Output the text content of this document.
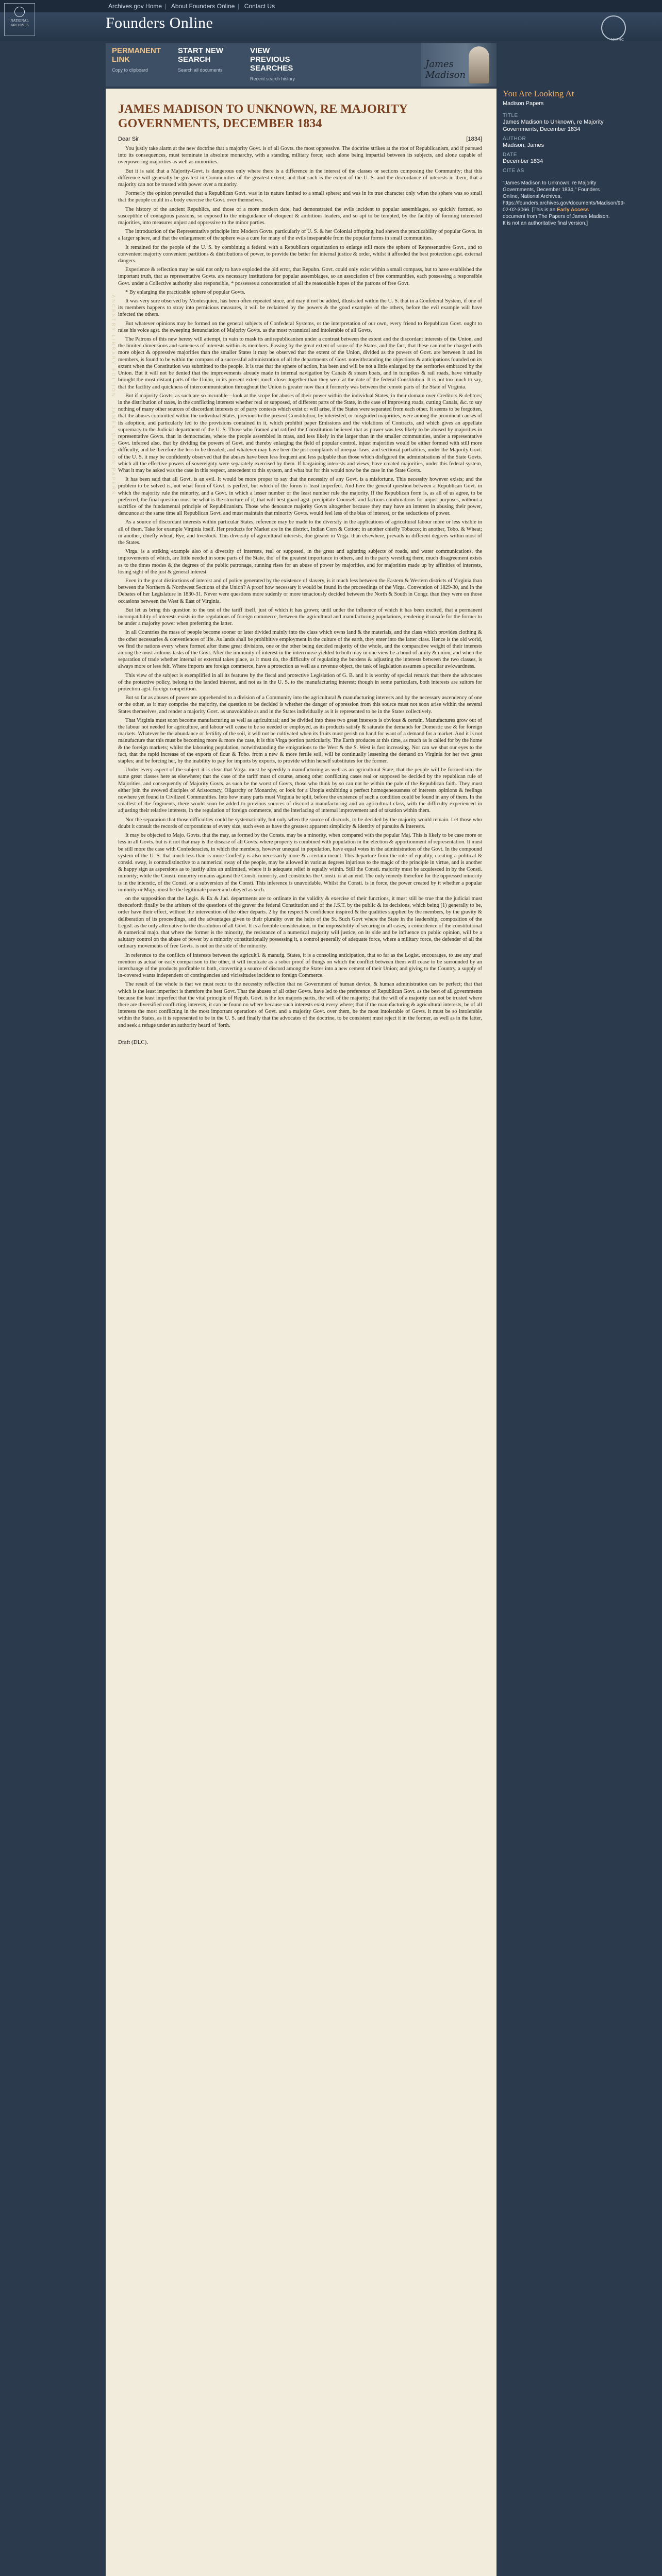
Archives.gov Home | About Founders Online | Contact Us
Founders Online
NHPRC
NATIONAL ARCHIVES
PERMANENT LINK
Copy to clipboard
START NEW SEARCH
Search all documents
VIEW PREVIOUS SEARCHES
Recent search history
James Madison
ANCESTRY LIBRARY EDITION · JAMES MADISON PAPERS
JAMES MADISON TO UNKNOWN, RE MAJORITY GOVERNMENTS, DECEMBER 1834
Dear Sir	[1834]

You justly take alarm at the new doctrine that a majority Govt. is of all Govts. the most oppressive. The doctrine strikes at the root of Republicanism, and if pursued into its consequences, must terminate in absolute monarchy, with a standing military force; such alone being impartial between its subjects, and alone capable of overpowering majorities as well as minorities.

But it is said that a Majority-Govt. is dangerous only where there is a difference in the interest of the classes or sections composing the Community; that this difference will generally be greatest in Communities of the greatest extent; and that such is the extent of the U. S. and the discordance of interests in them, that a majority can not be trusted with power over a minority.

Formerly the opinion prevailed that a Republican Govt. was in its nature limited to a small sphere; and was in its true character only when the sphere was so small that the people could in a body exercise the Govt. over themselves.

The history of the ancient Republics, and those of a more modern date, had demonstrated the evils incident to popular assemblages, so quickly formed, so susceptible of contagious passions, so exposed to the misguidance of eloquent & ambitious leaders, and so apt to be tempted, by the facility of forming interested majorities, into measures unjust and oppressive to the minor parties.

The introduction of the Representative principle into Modern Govts. particularly of U. S. & her Colonial offspring, had shewn the practicability of popular Govts. in a larger sphere, and that the enlargement of the sphere was a cure for many of the evils inseparable from the popular forms in small communities.

It remained for the people of the U. S. by combining a federal with a Republican organization to enlarge still more the sphere of Representative Govt., and to convenient majority convenient partitions & distributions of power, to provide the better for internal justice & order, whilst it afforded the best protection agst. external dangers.

Experience & reflection may be said not only to have exploded the old error, that Repubn. Govt. could only exist within a small compass, but to have established the important truth, that as representative Govts. are necessary institutions for popular assemblages, so an association of free communities, each possessing a responsible Govt. under a Collective authority also responsible, * possesses a concentration of all the reasonable hopes of the patrons of free Govt.

* By enlarging the practicable sphere of popular Govts.

It was very sure observed by Montesquieu, has been often repeated since, and may it not be added, illustrated within the U. S. that in a Confederal System, if one of its members happens to stray into pernicious measures, it will be reclaimed by the powers & the good examples of the others, before the evil example will have infected the others.

But whatever opinions may be formed on the general subjects of Confederal Systems, or the interpretation of our own, every friend to Republican Govt. ought to raise his voice agst. the sweeping denunciation of Majority Govts. as the most tyrannical and intolerable of all Govts.

The Patrons of this new heresy will attempt, in vain to mask its antirepublicanism under a contrast between the extent and the discordant interests of the Union, and the limited dimensions and sameness of interests within its members. Passing by the great extent of some of the States, and the fact, that these can not be charged with more object & oppressive majorities than the smaller States it may be observed that the extent of the Union, divided as the powers of Govt. are between it and its members, is found to be within the compass of a successful administration of all the departments of Govt. notwithstanding the objections & anticipations founded on its extent when the Constitution was submitted to the people. It is true that the sphere of action, has been and will be not a little enlarged by the territories embraced by the Union. But it will not be denied that the improvements already made in internal navigation by Canals & steam boats, and in turnpikes & rail roads, have virtually brought the most distant parts of the Union, in its present extent much closer together than they were at the date of the federal Constitution. It is not too much to say, that the facility and quickness of intercommunication throughout the Union is greater now than it formerly was between the remote parts of the State of Virginia.

But if majority Govts. as such are so incurable—look at the scope for abuses of their power within the individual States, in their domain over Creditors & debtors; in the distribution of taxes, in the conflicting interests whether real or supposed, of different parts of the State, in the case of improving roads, cutting Canals, &c. to say nothing of many other sources of discordant interests or of party contests which exist or will arise, if the States were separated from each other. It seems to be forgotten, that the abuses committed within the individual States, previous to the present Constitution, by interested, or misguided majorities, were among the prominent causes of its adoption, and particularly led to the provisions contained in it, which prohibit paper Emissions and the violations of Contracts, and which gives an appellate supremacy to the Judicial department of the U. S. Those who framed and ratified the Constitution believed that as power was less likely to be abused by majorities in representative Govts. than in democracies, where the people assembled in mass, and less likely in the larger than in the smaller communities, under a representative Govt. inferred also, that by dividing the powers of Govt. and thereby enlarging the field of popular control, injust majorities would be either formed with still more difficulty, and be therefore the less to be dreaded; and whatever may have been the just complaints of unequal laws, and sectional partialities, under the Majority Govt. of the U. S. it may be confidently observed that the abuses have been less frequent and less palpable than those which disfigured the administrations of the State Govts. which all the effective powers of sovereignty were separately exercised by them. If bargaining interests and views, have created majorities, under this federal system, What it may be asked was the case in this respect, antecedent to this system, and what but for this would now be the case in the State Govts.

It has been said that all Govt. is an evil. It would be more proper to say that the necessity of any Govt. is a misfortune. This necessity however exists; and the problem to be solved is, not what form of Govt. is perfect, but which of the forms is least imperfect. And here the general question between a Republican Govt. in which the majority rule the minority, and a Govt. in which a lesser number or the least number rule the majority. If the Republican form is, as all of us agree, to be preferred, the final question must be what is the structure of it, that will best guard agst. precipitate Counsels and factious combinations for unjust purposes, without a sacrifice of the fundamental principle of Republicanism. Those who denounce majority Govts altogether because they may have an interest in abusing their power, denounce at the same time all Republican Govt. and must maintain that minority Govts. would feel less of the bias of interest, or the seductions of power.

As a source of discordant interests within particular States, reference may be made to the diversity in the applications of agricultural labour more or less visible in all of them. Take for example Virginia itself. Her products for Market are in the district, Indian Corn & Cotton; in another chiefly Tobacco; in another, Tobo. & Wheat; in another, chiefly wheat, Rye, and livestock. This diversity of agricultural interests, due greater in Virga. than elsewhere, prevails in different degrees within most of the States.

Virga. is a striking example also of a diversity of interests, real or supposed, in the great and agitating subjects of roads, and water communications, the improvements of which, are little needed in some parts of the State, tho' of the greatest importance in others, and in the party wrestling there, much disagreement exists as to the times modes & the degrees of the public patronage, running rises for an abuse of power by majorities, and for majorities made up by affinities of interests, losing sight of the just & general interest.

Even in the great distinctions of interest and of policy generated by the existence of slavery, is it much less between the Eastern & Western districts of Virginia than between the Northern & Northwest Sections of the Union? A proof how necessary it would be found in the proceedings of the Virga. Convention of 1829-30, and in the Debates of her Legislature in 1830-31. Never were questions more sudenly or more tenaciously decided between the North & South in Congr. than they were on those occasions between the West & East of Virginia.

But let us bring this question to the test of the tariff itself, just of which it has grown; until under the influence of which it has been excited, that a permanent incompatibility of interests exists in the regulations of foreign commerce, between the agricultural and manufacturing populations, rendering it unsafe for the former to be under a majority power when preferring the latter.

In all Countries the mass of people become sooner or later divided mainly into the class which owns land & the materials, and the class which provides clothing & the other necessaries & conveniences of life. As lands shall be prohibitive employment in the culture of the earth, they enter into the latter class. Hence is the old world, we find the nations every where formed after these great divisions, one or the other being decided majority of the whole, and the comparative weight of their interests among the most arduous tasks of the Govt. After the immunity of interest in the intercourse yielded to both may in one view be a bond of amity & union, and when the separation of trade whether internal or external takes place, as it must do, the difficulty of regulating the burdens & adjusting the interests between the two classes, is always more or less felt. Where imports are foreign commerce, have a protection as well as a revenue object, the task of legislation assumes a peculiar awkwardness.

This view of the subject is exemplified in all its features by the fiscal and protective Legislation of G. B. and it is worthy of special remark that there the advocates of the protective policy, belong to the landed interest, and not as in the U. S. to the manufacturing interest; though in some particulars, both interests are suitors for protection agst. foreign competition.

But so far as abuses of power are apprehended to a division of a Community into the agricultural & manufacturing interests and by the necessary ascendency of one or the other, as it may comprise the majority, the question to be decided is whether the danger of oppression from this source must not soon arise within the several States themselves, and render a majority Govt. as unavoidable as and in the States individually as it is represented to be in the States collectively.

That Virginia must soon become manufacturing as well as agricultural; and be divided into these two great interests is obvious & certain. Manufactures grow out of the labour not needed for agriculture, and labour will cease to be so needed or employed, as its products satisfy & saturate the demands for Domestic use & for foreign markets. Whatever be the abundance or fertility of the soil, it will not be cultivated when its fruits must perish on hand for want of a demand for a market. And it is not manufacture that this must be becoming more & more the case, it is this Virga portion particularly. The Earth produces at this time, as much as is called for by the home & the foreign markets; whilst the labouring population, notwithstanding the emigrations to the West & the S. West is fast increasing. Nor can we shut our eyes to the fact, that the rapid increase of the exports of flour & Tobo. from a new & more fertile soil, will be continually lessening the demand on Virginia for her two great staples; and be forcing her, by the inability to pay for imports by exports, to provide within herself substitutes for the former.

Under every aspect of the subject it is clear that Virga. must be speedily a manufacturing as well as an agricultural State; that the people will be formed into the same great classes here as elsewhere; that the case of the tariff must of course, among other conflicting cases real or supposed be decided by the republican rule of Majorities, and consequently of Majority Govts. as such be the worst of Govts, those who think by so can not be within the pale of the Republican faith. They must either join the avowed disciples of Aristocracy, Oligarchy or Monarchy, or look for a Utopia exhibiting a perfect homogeneousness of interests opinions & feelings nowhere yet found in Civilized Communities. Into how many parts must Virginia be split, before the existence of such a condition could be found in any of them. In the smallest of the fragments, there would soon be added to previous sources of discord a manufacturing and an agricultural class, with the difficulty experienced in adjusting their relative interests, in the regulation of foreign commerce, and the interlacing of internal improvement and of taxation within them.

Nor the separation that those difficulties could be systematically, but only when the source of discords, to be decided by the majority would remain. Let those who doubt it consult the records of corporations of every size, such even as have the greatest apparent simplicity & identity of pursuits & interests.

It may be objected to Majo. Govts. that the may, as formed by the Consts. may be a minority, when compared with the popular Maj. This is likely to be case more or less in all Govts. but is it not that may is the disease of all Govts. where property is combined with population in the election & apportionment of representation. It must be still more the case with Confederacies, in which the members, however unequal in population, have equal votes in the administration of the Govt. In the compound system of the U. S. that much less than is more Confed'y is also necessarily more & a certain meant. This departure from the rule of equality, creating a political & consid. sway, is contradistinctive to a numerical sway of the people, may be allowed in various degrees injurious to the magic of the principle in virtue, and is another & happy sign as aspersions as to justify ultra an unlimited, where it is adequate relief is equally within. Still the Consti. majority must be acquiesced in by the Consti. minority; while the Consti. minority remains against the Consti. minority, and constitutes the Consti. is at an end. The only remedy therefore for the oppressed minority is in the interstic, of the Consti. or a subversion of the Consti. This inference is unavoidable. Whilst the Consti. is in force, the power created by it whether a popular minority or Majy. must be the legitimate power and obeyed as such.

on the supposition that the Legis. & Ex & Jud. departments are to ordinate in the validity & exercise of their functions, it must still be true that the judicial must thenceforth finally be the arbiters of the questions of the graver the federal Constitution and of the J.S.T. by the public & its decisions, which being (1) generally to be, order have their effect, without the intervention of the other departs. 2 by the respect & confidence inspired & the qualities supplied by the members, by the gravity & deliberation of its proceedings, and the advantages given to their plurality over the heirs of the St. Such Govt where the State in the leadership, composition of the Legisl. as the only alternative to the dissolution of all Govt. It is a forcible consideration, in the impossibility of securing in all cases, a coincidence of the constitutional & numerical majo. that where the former is the minority, the resistance of a numerical majority will justice, on its side and be influence on public opinion, will be a salutary control on the abuse of power by a minority constitutionally possessing it, a control generally of adequate force, where a military force, the defender of all the ordinary movements of free Govts. is not on the side of the minority.

In reference to the conflicts of interests between the agricult'l. & manufg. States, it is a consoling anticipation, that so far as the Logist. encourages, to use any unaf mention as actual or early comparison to the other, it will inculcate as a sober proof of things on which the conflict between them will cease to be surrounded by an interchange of the products profitable to both, converting a source of discord among the States into a new cement of their Union; and giving to the Country, a supply of in-covered wants independent of contingencies and vicissitudes incident to foreign Commerce.

The result of the whole is that we must recur to the necessity reflection that no Government of human device, & human administration can be perfect; that that which is the least imperfect is therefore the best Govt. That the abuses of all other Govts. have led to the preference of Republican Govt. as the best of all governments because the least imperfect that the vital principle of Repub. Govt. is the lex majoris partis, the will of the majority; that the will of a majority can not be trusted where there are diversified conflicting interests, it can be found no where because such interests exist every where; that if the manufacturing & agricultural interests, be of all interests the most conflicting in the most important operations of Govt. and a majority Govt. over them, be the most intolerable of Govts. it must be so intolerable within the States, as it is represented to be in the U. S. and finally that the advocates of the doctrine, to be consistent must reject it in the former, as well as in the latter, and seek a refuge under an authority heard of 'forth.

Draft (DLC).

You Are Looking At
Madison Papers
TITLE
James Madison to Unknown, re Majority Governments, December 1834
AUTHOR
Madison, James
DATE
December 1834
CITE AS
"James Madison to Unknown, re Majority Governments, December 1834," Founders Online, National Archives, https://founders.archives.gov/documents/Madison/99-02-02-3066. [This is an Early Access document from The Papers of James Madison. It is not an authoritative final version.]
